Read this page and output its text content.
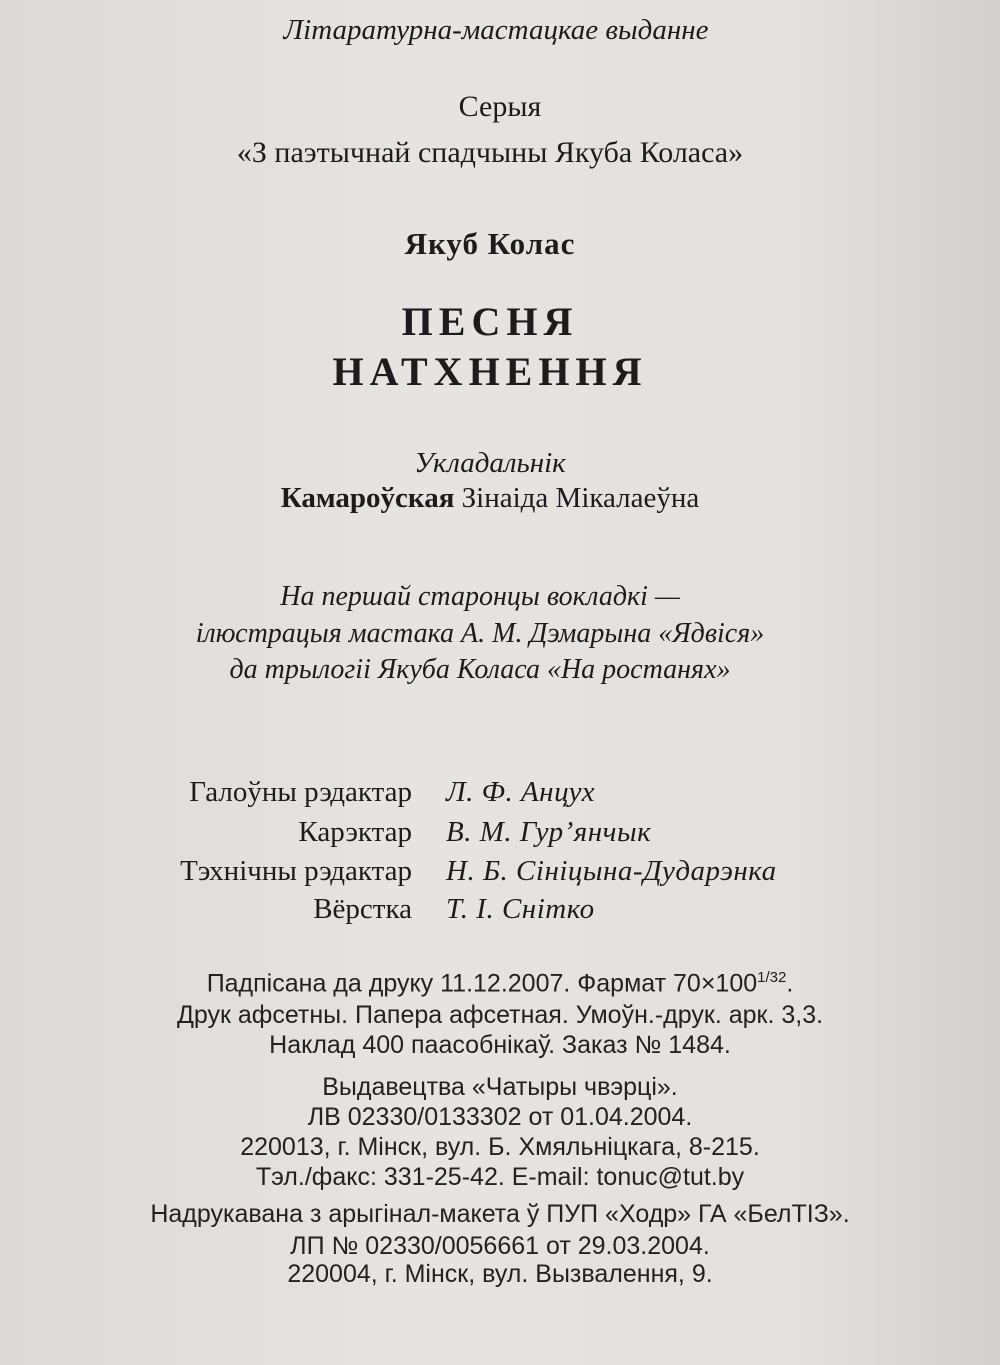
Літаратурна-мастацкае выданне
Серыя
«З паэтычнай спадчыны Якуба Коласа»
Якуб Колас
ПЕСНЯ
НАТХНЕННЯ
Укладальнік
Камароўская Зінаіда Мікалаеўна
На першай старонцы вокладкі —
ілюстрацыя мастака А. М. Дэмарына «Ядвіся»
да трылогіі Якуба Коласа «На ростанях»
Галоўны рэдактар Л. Ф. Анцух
Карэктар В. М. Гур’янчык
Тэхнічны рэдактар Н. Б. Сініцына-Дударэнка
Вёрстка Т. І. Снітко
Падпісана да друку 11.12.2007. Фармат $70\times 100^{1/32}$.
Друк афсетны. Папера афсетная. Умоўн.-друк. арк. 3,3.
Наклад 400 паасобнікаў. Заказ № 1484.
Выдавецтва «Чатыры чвэрці».
ЛВ 02330/0133302 от 01.04.2004.
220013, г. Мінск, вул. Б. Хмяльніцкага, 8-215.
Тэл./факс: 331-25-42. E-mail: tonuc@tut.by
Надрукавана з арыгінал-макета ў ПУП «Ходр» ГА «БелТІЗ».
ЛП № 02330/0056661 от 29.03.2004.
220004, г. Мінск, вул. Вызвалення, 9.
